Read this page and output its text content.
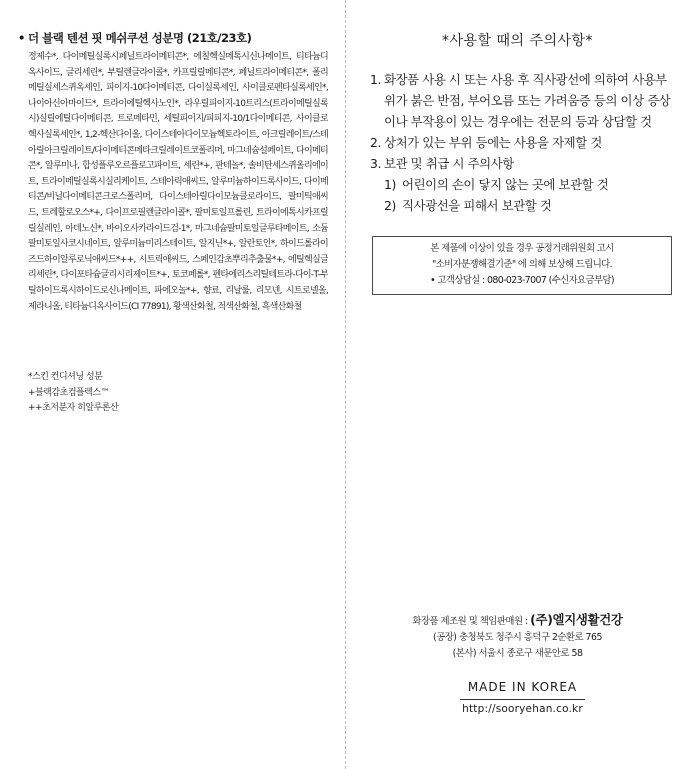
• 더 블랙 텐션 핏 메쉬쿠션 성분명 (21호/23호)
정제수*, 다이메틸실록시페닐트라이메티콘*, 에칠헥실메톡시신나메이트, 티타늄디옥사이드, 글리세린*, 부틸렌글라이콜*, 카프릴릴메티콘*, 페닐트라이메티콘*, 폴리메틸실세스퀴옥세인, 피이지-10다이메티콘, 다이실록세인, 사이클로펜타실록세인*, 나이아신아마이드*, 트라이에틸헥사노인*, 라우릴피이지-10트리스(트라이메틸실록시)실릴에틸다이메티콘, 트로메타민, 세틸피이지/피피지-10/1다이메티콘, 사이클로헥사실록세인*, 1,2-헥산다이올, 다이스테아다이모늄헥토라이트, 아크릴레이트/스테아릴아크릴레이트/다이메티콘메타크릴레이트코폴리머, 마그네슘설페이트, 다이메티콘*, 알루미나, 합성플루오르플로고파이트, 세린*+, 판테놀*, 솔비탄세스퀴올리에이트, 트라이메틸실록시실리케이트, 스테아릭애씨드, 알루미늄하이드록사이드, 다이메티콘/비닐다이메티콘크로스폴리머, 다이스테아릴다이모늄클로라이드, 팔미틱애씨드, 트레할로오스*+, 다이프로필렌글라이콜*, 팔미토일프롤린, 트라이에톡시카프릴릴실레인, 아데노신*, 바이오사카라이드검-1*, 마그네슘팔미토일글루타메이트, 소듐팔미토일사코시네이트, 알루미늄미리스테이트, 알지닌*+, 알란토인*, 하이드롤라이즈드하이알루로닉애씨드*++, 시트릭애씨드, 스페인감초뿌리추출물*+, 에틸헥실글리세린*, 다이포타슘글리시리제이트*+, 토코페롤*, 펜타에리스리틸테트라-다이-T-부틸하이드록시하이드로신나메이트, 파에오놀*+, 향료, 리날룰, 리모넨, 시트로넬올, 제라니올, 티타늄디옥사이드(CI 77891), 황색산화철, 적색산화철, 흑색산화철
*스킨 컨디셔닝 성분
+블랙감초컴플렉스™
++초저분자 히알루론산
*사용할 때의 주의사항*
1. 화장품 사용 시 또는 사용 후 직사광선에 의하여 사용부위가 붉은 반점, 부어오름 또는 가려움증 등의 이상 증상이나 부작용이 있는 경우에는 전문의 등과 상담할 것
2. 상처가 있는 부위 등에는 사용을 자제할 것
3. 보관 및 취급 시 주의사항
1) 어린이의 손이 닿지 않는 곳에 보관할 것
2) 직사광선을 피해서 보관할 것
본 제품에 이상이 있을 경우 공정거래위원회 고시
"소비자분쟁해결기준" 에 의해 보상해 드립니다.
• 고객상담실 : 080-023-7007 (수신자요금부담)
화장품 제조원 및 책임판매원 : (주)엘지생활건강
(공장) 충청북도 청주시 흥덕구 2순환로 765
(본사) 서울시 종로구 새문안로 58
MADE IN KOREA
http://sooryehan.co.kr
